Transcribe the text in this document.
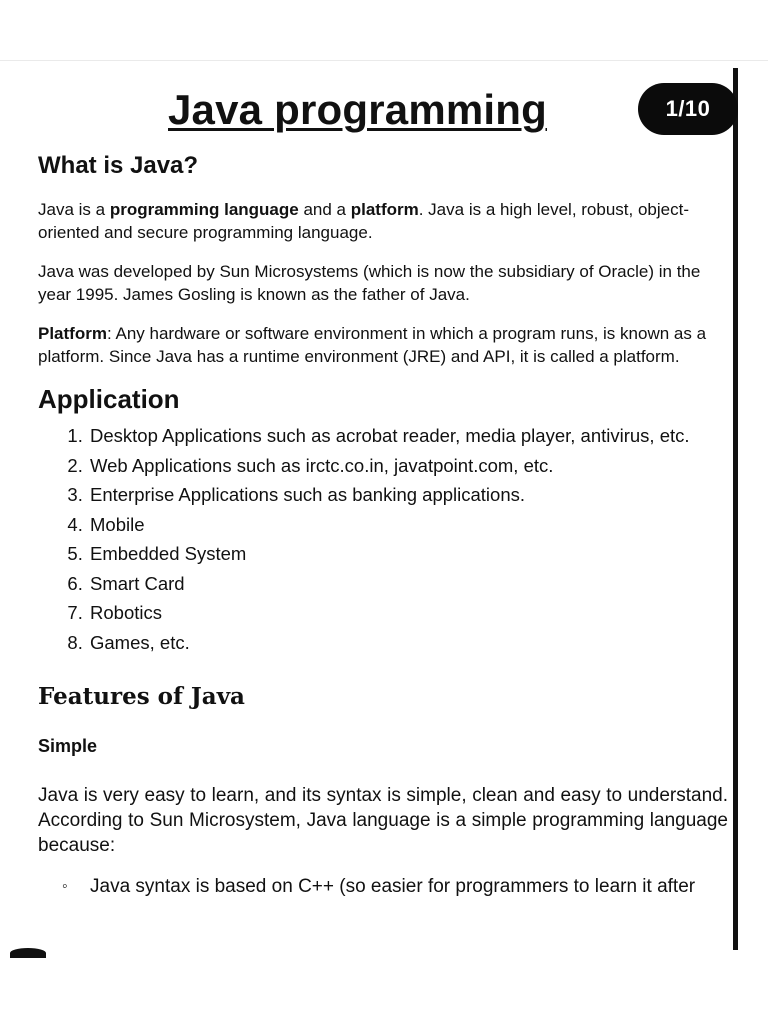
1/10
Java programming
What is Java?

Java is a programming language and a platform. Java is a high level, robust, object-oriented and secure programming language.

Java was developed by Sun Microsystems (which is now the subsidiary of Oracle) in the year 1995. James Gosling is known as the father of Java.

Platform: Any hardware or software environment in which a program runs, is known as a platform. Since Java has a runtime environment (JRE) and API, it is called a platform.

Application
1. Desktop Applications such as acrobat reader, media player, antivirus, etc.
2. Web Applications such as irctc.co.in, javatpoint.com, etc.
3. Enterprise Applications such as banking applications.
4. Mobile
5. Embedded System
6. Smart Card
7. Robotics
8. Games, etc.
Features of Java
Simple

Java is very easy to learn, and its syntax is simple, clean and easy to understand. According to Sun Microsystem, Java language is a simple programming language because:

◦ Java syntax is based on C++ (so easier for programmers to learn it after
